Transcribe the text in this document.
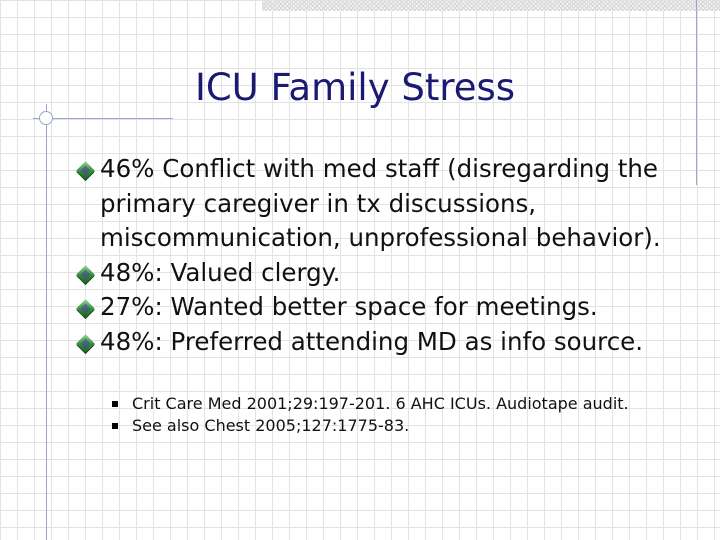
ICU Family Stress
46% Conflict with med staff (disregarding the primary caregiver in tx discussions, miscommunication, unprofessional behavior).
48%: Valued clergy.
27%: Wanted better space for meetings.
48%: Preferred attending MD as info source.
Crit Care Med 2001;29:197-201. 6 AHC ICUs. Audiotape audit.
See also Chest 2005;127:1775-83.
